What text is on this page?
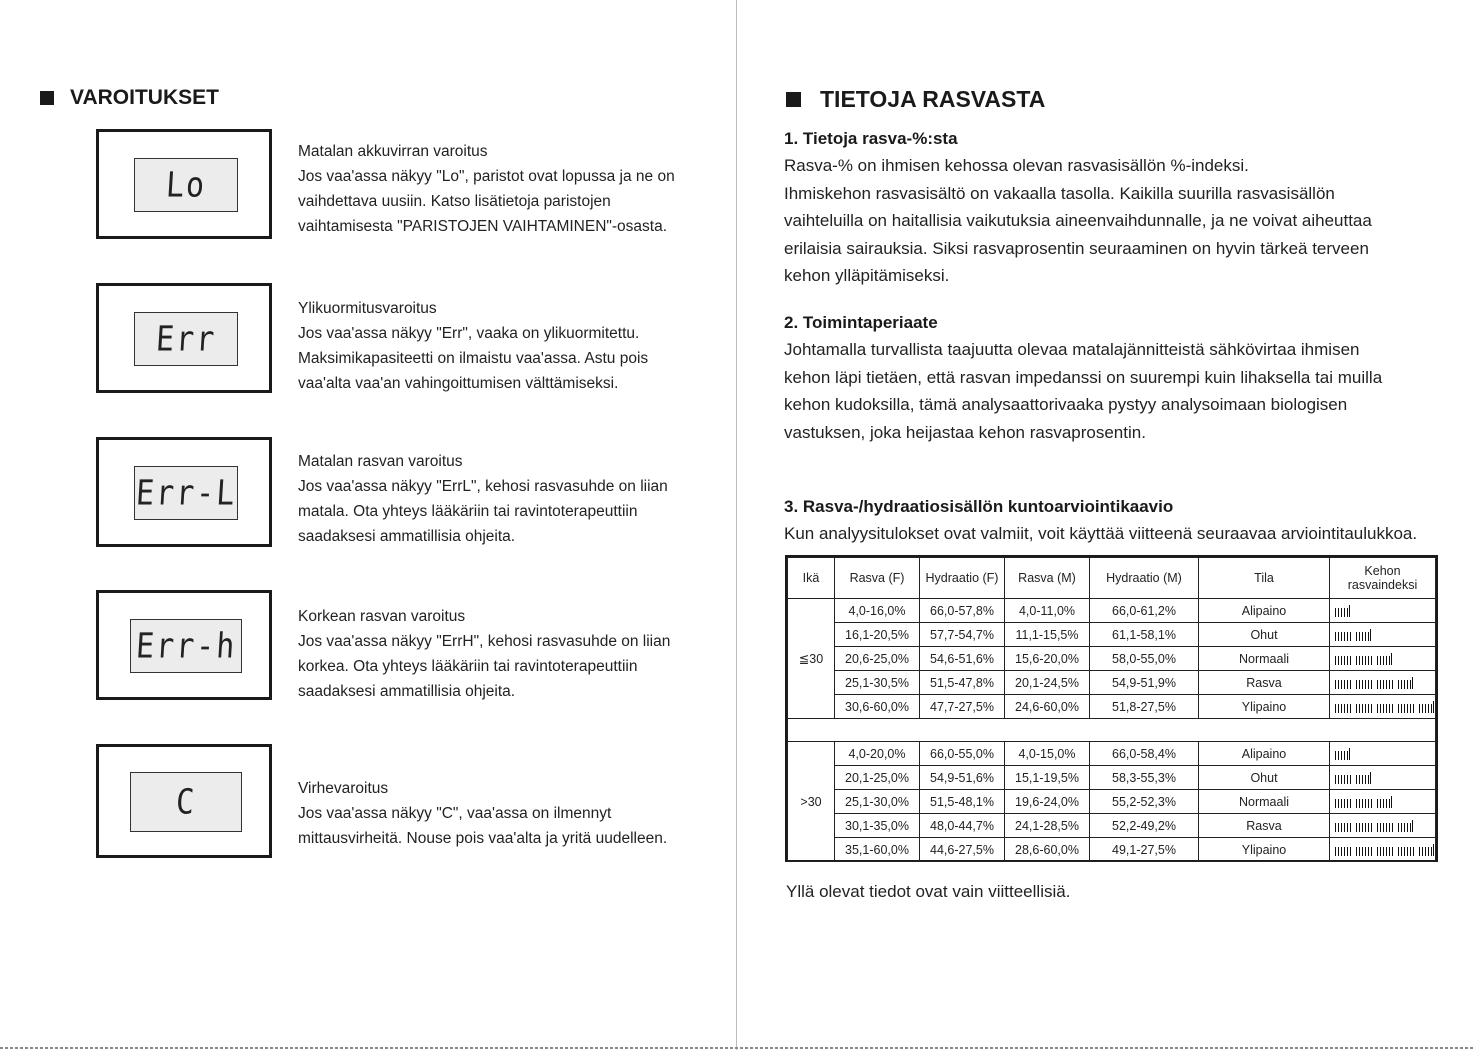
VAROITUKSET
Lo
Matalan akkuvirran varoitus
Jos vaa'assa näkyy "Lo", paristot ovat lopussa ja ne on
vaihdettava uusiin. Katso lisätietoja paristojen
vaihtamisesta "PARISTOJEN VAIHTAMINEN"-osasta.
Err
Ylikuormitusvaroitus
Jos vaa'assa näkyy "Err", vaaka on ylikuormitettu.
Maksimikapasiteetti on ilmaistu vaa'assa. Astu pois
vaa'alta vaa'an vahingoittumisen välttämiseksi.
Err-L
Matalan rasvan varoitus
Jos vaa'assa näkyy "ErrL", kehosi rasvasuhde on liian
matala. Ota yhteys lääkäriin tai ravintoterapeuttiin
saadaksesi ammatillisia ohjeita.
Err-h
Korkean rasvan varoitus
Jos vaa'assa näkyy "ErrH", kehosi rasvasuhde on liian
korkea. Ota yhteys lääkäriin tai ravintoterapeuttiin
saadaksesi ammatillisia ohjeita.
C	Virhevaroitus
Jos vaa'assa näkyy "C", vaa'assa on ilmennyt
mittausvirheitä. Nouse pois vaa'alta ja yritä uudelleen.
TIETOJA RASVASTA
1. Tietoja rasva-%:sta
Rasva-% on ihmisen kehossa olevan rasvasisällön %-indeksi.
Ihmiskehon rasvasisältö on vakaalla tasolla. Kaikilla suurilla rasvasisällön
vaihteluilla on haitallisia vaikutuksia aineenvaihdunnalle, ja ne voivat aiheuttaa
erilaisia sairauksia. Siksi rasvaprosentin seuraaminen on hyvin tärkeä terveen
kehon ylläpitämiseksi.
2. Toimintaperiaate
Johtamalla turvallista taajuutta olevaa matalajännitteistä sähkövirtaa ihmisen
kehon läpi tietäen, että rasvan impedanssi on suurempi kuin lihaksella tai muilla
kehon kudoksilla, tämä analysaattorivaaka pystyy analysoimaan biologisen
vastuksen, joka heijastaa kehon rasvaprosentin.
3. Rasva-/hydraatiosisällön kuntoarviointikaavio
Kun analyysitulokset ovat valmiit, voit käyttää viitteenä seuraavaa arviointitaulukkoa.
Ikä	Rasva (F)	Hydraatio (F)	Rasva (M)	Hydraatio (M)	Tila	Kehon rasvaindeksi
≦30	4,0-16,0%	66,0-57,8%	4,0-11,0%	66,0-61,2%	Alipaino	

	16,1-20,5%	57,7-54,7%	11,1-15,5%	61,1-58,1%	Ohut	

	20,6-25,0%	54,6-51,6%	15,6-20,0%	58,0-55,0%	Normaali	

	25,1-30,5%	51,5-47,8%	20,1-24,5%	54,9-51,9%	Rasva	

	30,6-60,0%	47,7-27,5%	24,6-60,0%	51,8-27,5%	Ylipaino	

>30	4,0-20,0%	66,0-55,0%	4,0-15,0%	66,0-58,4%	Alipaino	

	20,1-25,0%	54,9-51,6%	15,1-19,5%	58,3-55,3%	Ohut	

	25,1-30,0%	51,5-48,1%	19,6-24,0%	55,2-52,3%	Normaali	

	30,1-35,0%	48,0-44,7%	24,1-28,5%	52,2-49,2%	Rasva	

	35,1-60,0%	44,6-27,5%	28,6-60,0%	49,1-27,5%	Ylipaino	
Yllä olevat tiedot ovat vain viitteellisiä.
